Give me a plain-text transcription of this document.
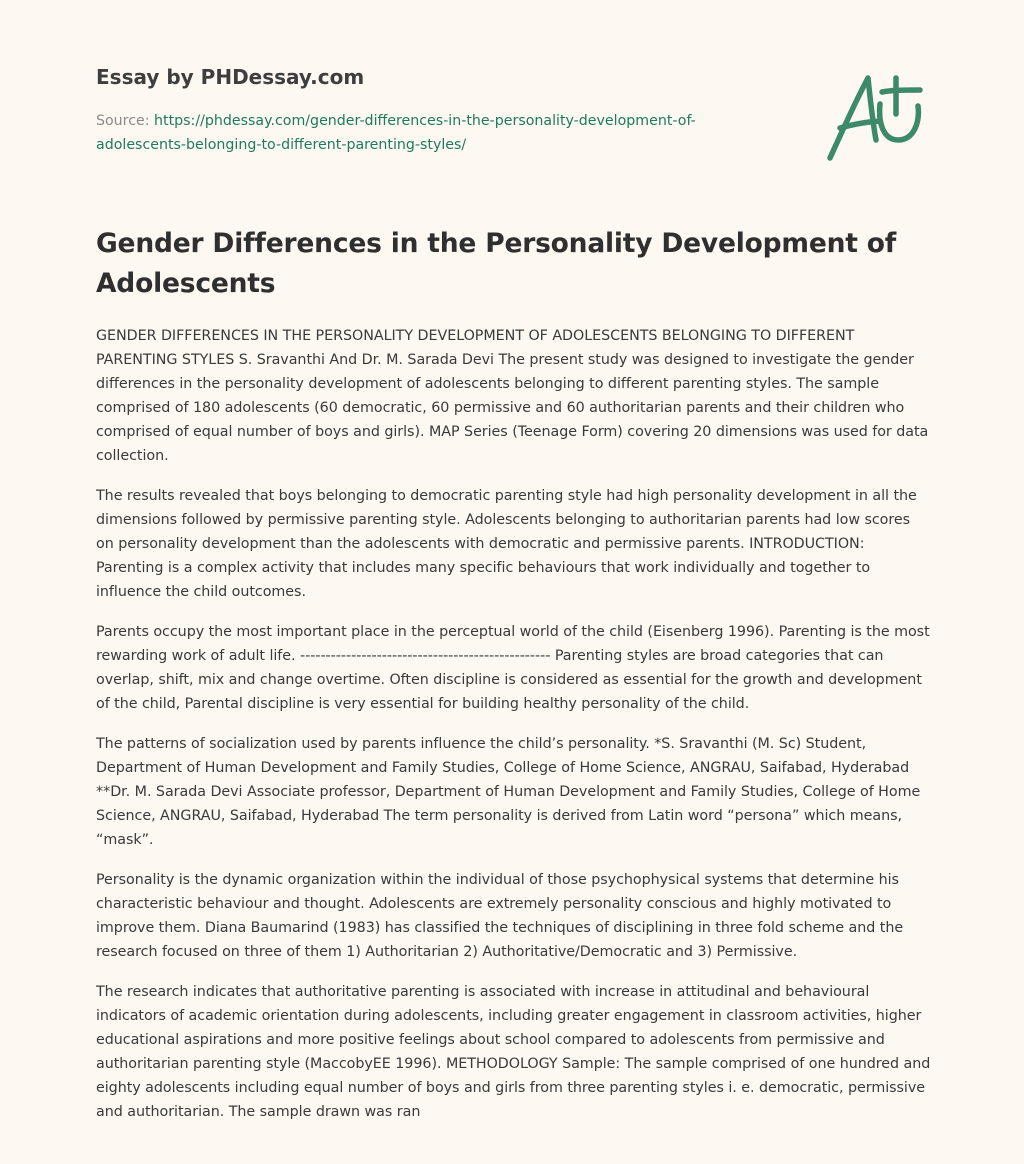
Essay by PHDessay.com
Source: https://phdessay.com/gender-differences-in-the-personality-development-of-adolescents-belonging-to-different-parenting-styles/
Gender Differences in the Personality Development of Adolescents

GENDER DIFFERENCES IN THE PERSONALITY DEVELOPMENT OF ADOLESCENTS BELONGING TO DIFFERENT PARENTING STYLES S. Sravanthi And Dr. M. Sarada Devi The present study was designed to investigate the gender differences in the personality development of adolescents belonging to different parenting styles. The sample comprised of 180 adolescents (60 democratic, 60 permissive and 60 authoritarian parents and their children who comprised of equal number of boys and girls). MAP Series (Teenage Form) covering 20 dimensions was used for data collection.

The results revealed that boys belonging to democratic parenting style had high personality development in all the dimensions followed by permissive parenting style. Adolescents belonging to authoritarian parents had low scores on personality development than the adolescents with democratic and permissive parents. INTRODUCTION: Parenting is a complex activity that includes many specific behaviours that work individually and together to influence the child outcomes.

Parents occupy the most important place in the perceptual world of the child (Eisenberg 1996). Parenting is the most rewarding work of adult life. ------------------------------------------------- Parenting styles are broad categories that can overlap, shift, mix and change overtime. Often discipline is considered as essential for the growth and development of the child, Parental discipline is very essential for building healthy personality of the child.

The patterns of socialization used by parents influence the child’s personality. *S. Sravanthi (M. Sc) Student, Department of Human Development and Family Studies, College of Home Science, ANGRAU, Saifabad, Hyderabad **Dr. M. Sarada Devi Associate professor, Department of Human Development and Family Studies, College of Home Science, ANGRAU, Saifabad, Hyderabad The term personality is derived from Latin word “persona” which means, “mask”.

Personality is the dynamic organization within the individual of those psychophysical systems that determine his characteristic behaviour and thought. Adolescents are extremely personality conscious and highly motivated to improve them. Diana Baumarind (1983) has classified the techniques of disciplining in three fold scheme and the research focused on three of them 1) Authoritarian 2) Authoritative/Democratic and 3) Permissive.

The research indicates that authoritative parenting is associated with increase in attitudinal and behavioural indicators of academic orientation during adolescents, including greater engagement in classroom activities, higher educational aspirations and more positive feelings about school compared to adolescents from permissive and authoritarian parenting style (MaccobyEE 1996). METHODOLOGY Sample: The sample comprised of one hundred and eighty adolescents including equal number of boys and girls from three parenting styles i. e. democratic, permissive and authoritarian. The sample drawn was ran
